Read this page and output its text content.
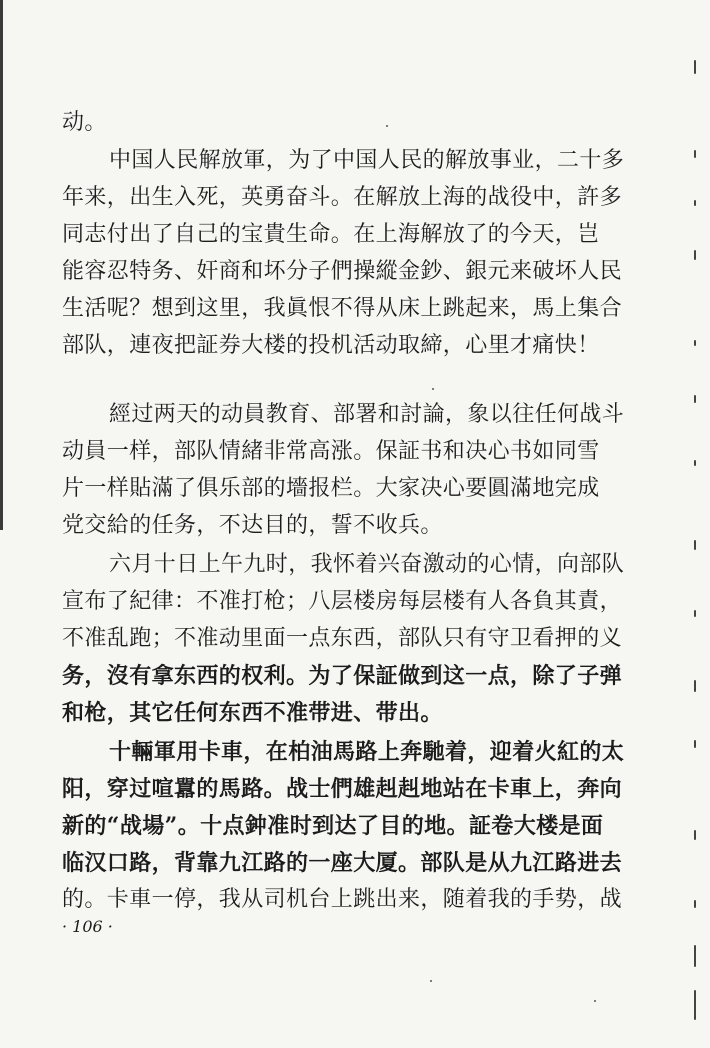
动。
中国人民解放軍，为了中国人民的解放事业，二十多
年来，出生入死，英勇奋斗。在解放上海的战役中，許多
同志付出了自己的宝貴生命。在上海解放了的今天，岂
能容忍特务、奸商和坏分子們操縱金鈔、銀元来破坏人民
生活呢？想到这里，我眞恨不得从床上跳起来，馬上集合
部队，連夜把証券大楼的投机活动取締，心里才痛快！
經过两天的动員教育、部署和討論，象以往任何战斗
动員一样，部队情緒非常高涨。保証书和决心书如同雪
片一样貼滿了俱乐部的墻报栏。大家决心要圓滿地完成
党交給的任务，不达目的，誓不收兵。
六月十日上午九时，我怀着兴奋激动的心情，向部队
宣布了紀律：不准打枪；八层楼房每层楼有人各負其責，
不准乱跑；不准动里面一点东西，部队只有守卫看押的义
务，沒有拿东西的权利。为了保証做到这一点，除了子弹
和枪，其它任何东西不准带进、带出。
十輛軍用卡車，在柏油馬路上奔馳着，迎着火紅的太
阳，穿过喧囂的馬路。战士們雄赳赳地站在卡車上，奔向
新的“战場”。十点鈡准时到达了目的地。証卷大楼是面
临汉口路，背靠九江路的一座大厦。部队是从九江路进去
的。卡車一停，我从司机台上跳出来，随着我的手势，战
· 106 ·
